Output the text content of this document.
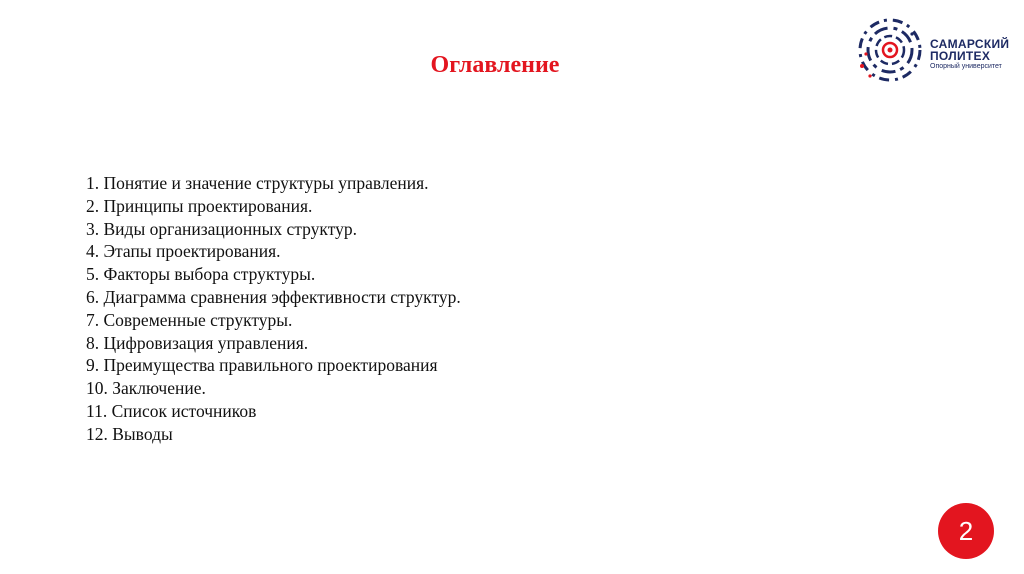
САМАРСКИЙ
ПОЛИТЕХ
Опорный университет
Оглавление
1. Понятие и значение структуры управления.
2. Принципы проектирования.
3. Виды организационных структур.
4. Этапы проектирования.
5. Факторы выбора структуры.
6. Диаграмма сравнения эффективности структур.
7. Современные структуры.
8. Цифровизация управления.
9. Преимущества правильного проектирования
10. Заключение.
11. Список источников
12. Выводы
2
